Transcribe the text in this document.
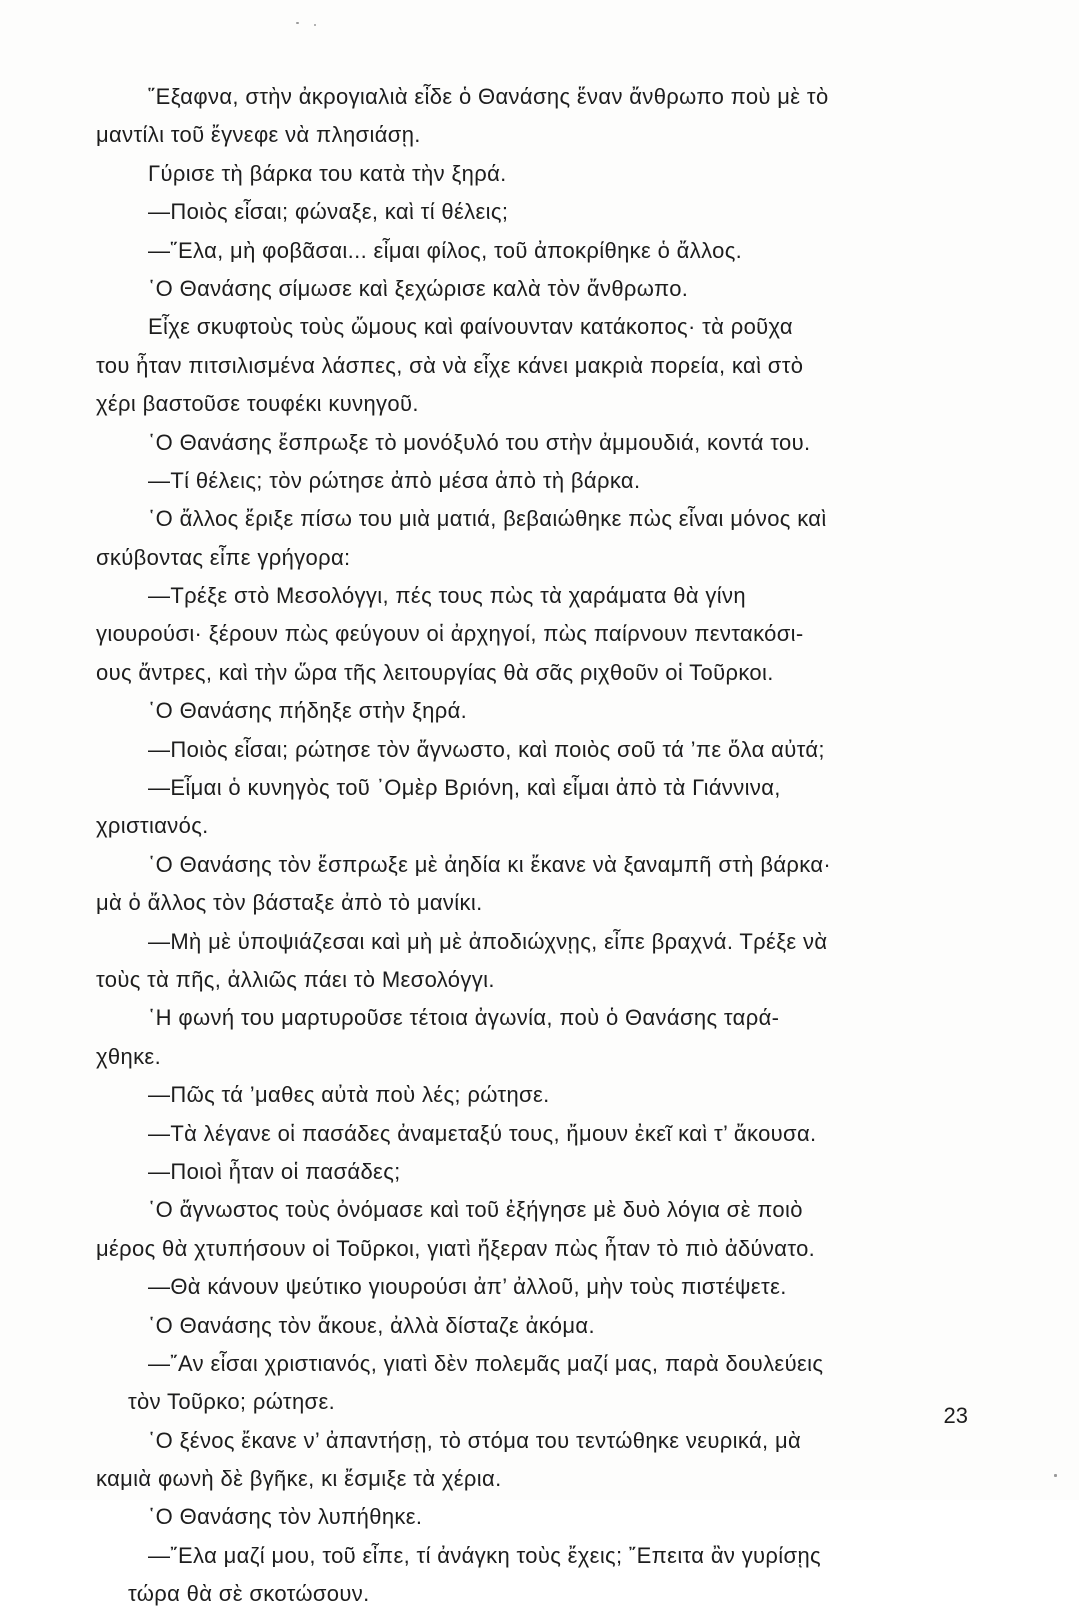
῞Εξαφνα, στὴν ἀκρογιαλιὰ εἶδε ὁ Θανάσης ἕναν ἄνθρωπο ποὺ μὲ τὸ
μαντίλι τοῦ ἔγνεφε νὰ πλησιάσῃ.
Γύρισε τὴ βάρκα του κατὰ τὴν ξηρά.
—Ποιὸς εἶσαι; φώναξε, καὶ τί θέλεις;
—῞Ελα, μὴ φοβᾶσαι... εἶμαι φίλος, τοῦ ἀποκρίθηκε ὁ ἄλλος.
῾Ο Θανάσης σίμωσε καὶ ξεχώρισε καλὰ τὸν ἄνθρωπο.
Εἶχε σκυφτοὺς τοὺς ὤμους καὶ φαίνουνταν κατάκοπος· τὰ ροῦχα
του ἦταν πιτσιλισμένα λάσπες, σὰ νὰ εἶχε κάνει μακριὰ πορεία, καὶ στὸ
χέρι βαστοῦσε τουφέκι κυνηγοῦ.
῾Ο Θανάσης ἔσπρωξε τὸ μονόξυλό του στὴν ἀμμουδιά, κοντά του.
—Τί θέλεις; τὸν ρώτησε ἀπὸ μέσα ἀπὸ τὴ βάρκα.
῾Ο ἄλλος ἔριξε πίσω του μιὰ ματιά, βεβαιώθηκε πὼς εἶναι μόνος καὶ
σκύβοντας εἶπε γρήγορα:
—Τρέξε στὸ Μεσολόγγι, πές τους πὼς τὰ χαράματα θὰ γίνη
γιουρούσι· ξέρουν πὼς φεύγουν οἱ ἀρχηγοί, πὼς παίρνουν πεντακόσι-
ους ἄντρες, καὶ τὴν ὥρα τῆς λειτουργίας θὰ σᾶς ριχθοῦν οἱ Τοῦρκοι.
῾Ο Θανάσης πήδηξε στὴν ξηρά.
—Ποιὸς εἶσαι; ρώτησε τὸν ἄγνωστο, καὶ ποιὸς σοῦ τά ’πε ὅλα αὐτά;
—Εἶμαι ὁ κυνηγὸς τοῦ ᾿Ομὲρ Βριόνη, καὶ εἶμαι ἀπὸ τὰ Γιάννινα,
χριστιανός.
῾Ο Θανάσης τὸν ἔσπρωξε μὲ ἀηδία κι ἔκανε νὰ ξαναμπῆ στὴ βάρκα·
μὰ ὁ ἄλλος τὸν βάσταξε ἀπὸ τὸ μανίκι.
—Μὴ μὲ ὑποψιάζεσαι καὶ μὴ μὲ ἀποδιώχνῃς, εἶπε βραχνά. Τρέξε νὰ
τοὺς τὰ πῆς, ἀλλιῶς πάει τὸ Μεσολόγγι.
῾Η φωνή του μαρτυροῦσε τέτοια ἀγωνία, ποὺ ὁ Θανάσης ταρά-
χθηκε.
—Πῶς τά ’μαθες αὐτὰ ποὺ λές; ρώτησε.
—Τὰ λέγανε οἱ πασάδες ἀναμεταξύ τους, ἤμουν ἐκεῖ καὶ τ’ ἄκουσα.
—Ποιοὶ ἦταν οἱ πασάδες;
῾Ο ἄγνωστος τοὺς ὀνόμασε καὶ τοῦ ἐξήγησε μὲ δυὸ λόγια σὲ ποιὸ
μέρος θὰ χτυπήσουν οἱ Τοῦρκοι, γιατὶ ἤξεραν πὼς ἦταν τὸ πιὸ ἀδύνατο.
—Θὰ κάνουν ψεύτικο γιουρούσι ἀπ’ ἀλλοῦ, μὴν τοὺς πιστέψετε.
῾Ο Θανάσης τὸν ἄκουε, ἀλλὰ δίσταζε ἀκόμα.
—῎Αν εἶσαι χριστιανός, γιατὶ δὲν πολεμᾶς μαζί μας, παρὰ δουλεύεις
τὸν Τοῦρκο; ρώτησε.
῾Ο ξένος ἔκανε ν’ ἀπαντήσῃ, τὸ στόμα του τεντώθηκε νευρικά, μὰ
καμιὰ φωνὴ δὲ βγῆκε, κι ἔσμιξε τὰ χέρια.
῾Ο Θανάσης τὸν λυπήθηκε.
—῎Ελα μαζί μου, τοῦ εἶπε, τί ἀνάγκη τοὺς ἔχεις; ῎Επειτα ἂν γυρίσῃς
τώρα θὰ σὲ σκοτώσουν.
23
